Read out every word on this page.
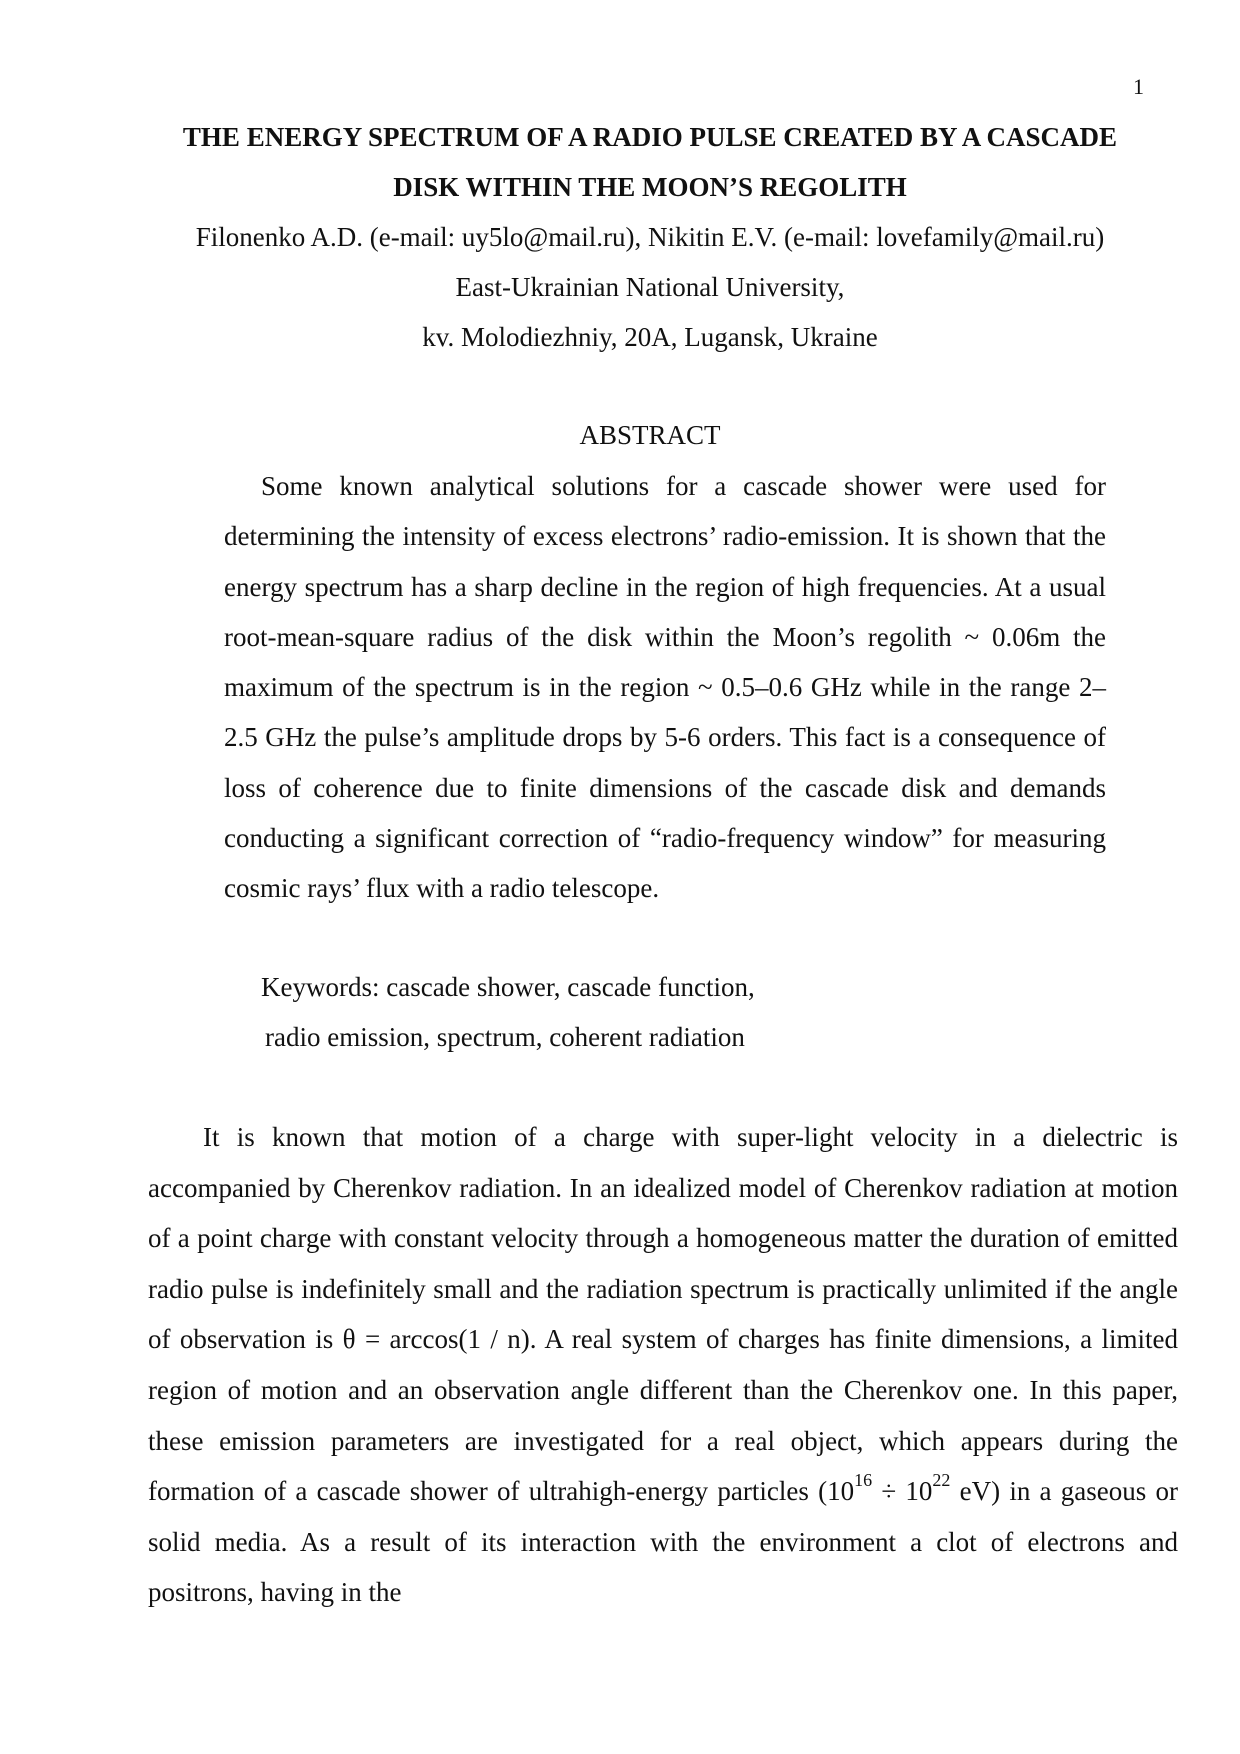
1
THE ENERGY SPECTRUM OF A RADIO PULSE CREATED BY A CASCADE
DISK WITHIN THE MOON’S REGOLITH
Filonenko A.D. (e-mail: uy5lo@mail.ru), Nikitin E.V. (e-mail: lovefamily@mail.ru)
East-Ukrainian National University,
kv. Molodiezhniy, 20A, Lugansk, Ukraine
ABSTRACT

Some known analytical solutions for a cascade shower were used for determining the intensity of excess electrons’ radio-emission. It is shown that the energy spectrum has a sharp decline in the region of high frequencies. At a usual root-mean-square radius of the disk within the Moon’s regolith ~ 0.06m the maximum of the spectrum is in the region ~ 0.5–0.6 GHz while in the range 2–2.5 GHz the pulse’s amplitude drops by 5-6 orders. This fact is a consequence of loss of coherence due to finite dimensions of the cascade disk and demands conducting a significant correction of “radio-frequency window” for measuring cosmic rays’ flux with a radio telescope.

Keywords: cascade shower, cascade function,
radio emission, spectrum, coherent radiation

It is known that motion of a charge with super-light velocity in a dielectric is accompanied by Cherenkov radiation. In an idealized model of Cherenkov radiation at motion of a point charge with constant velocity through a homogeneous matter the duration of emitted radio pulse is indefinitely small and the radiation spectrum is practically unlimited if the angle of observation is θ = arccos(1 / n). A real system of charges has finite dimensions, a limited region of motion and an observation angle different than the Cherenkov one. In this paper, these emission parameters are investigated for a real object, which appears during the formation of a cascade shower of ultrahigh-energy particles ($10^{16} \div 10^{22}$ eV) in a gaseous or solid media. As a result of its interaction with the environment a clot of electrons and positrons, having in the
